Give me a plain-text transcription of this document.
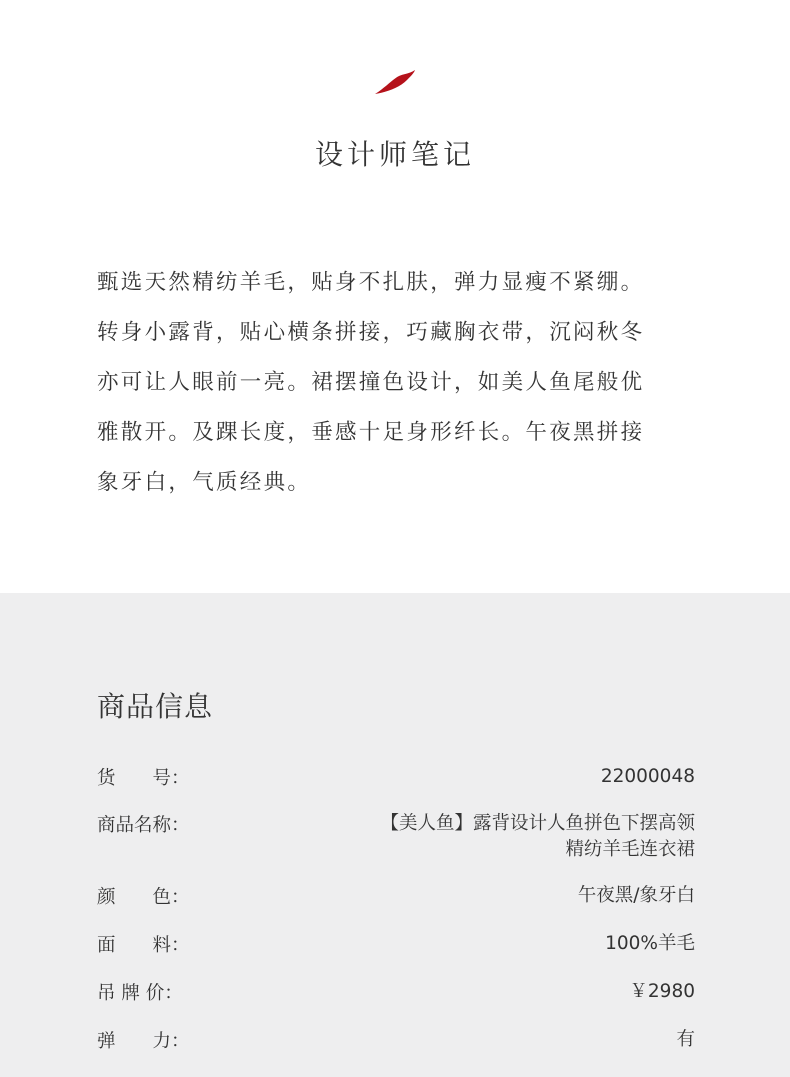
设计师笔记
甄选天然精纺羊毛，贴身不扎肤，弹力显瘦不紧绷。
转身小露背，贴心横条拼接，巧藏胸衣带，沉闷秋冬
亦可让人眼前一亮。裙摆撞色设计，如美人鱼尾般优
雅散开。及踝长度，垂感十足身形纤长。午夜黑拼接
象牙白，气质经典。
商品信息
货　　号：	22000048
商品名称：	【美人鱼】露背设计人鱼拼色下摆高领
精纺羊毛连衣裙
颜　　色：	午夜黑/象牙白
面　　料：	100%羊毛
吊 牌 价：	￥2980
弹　　力：	有
